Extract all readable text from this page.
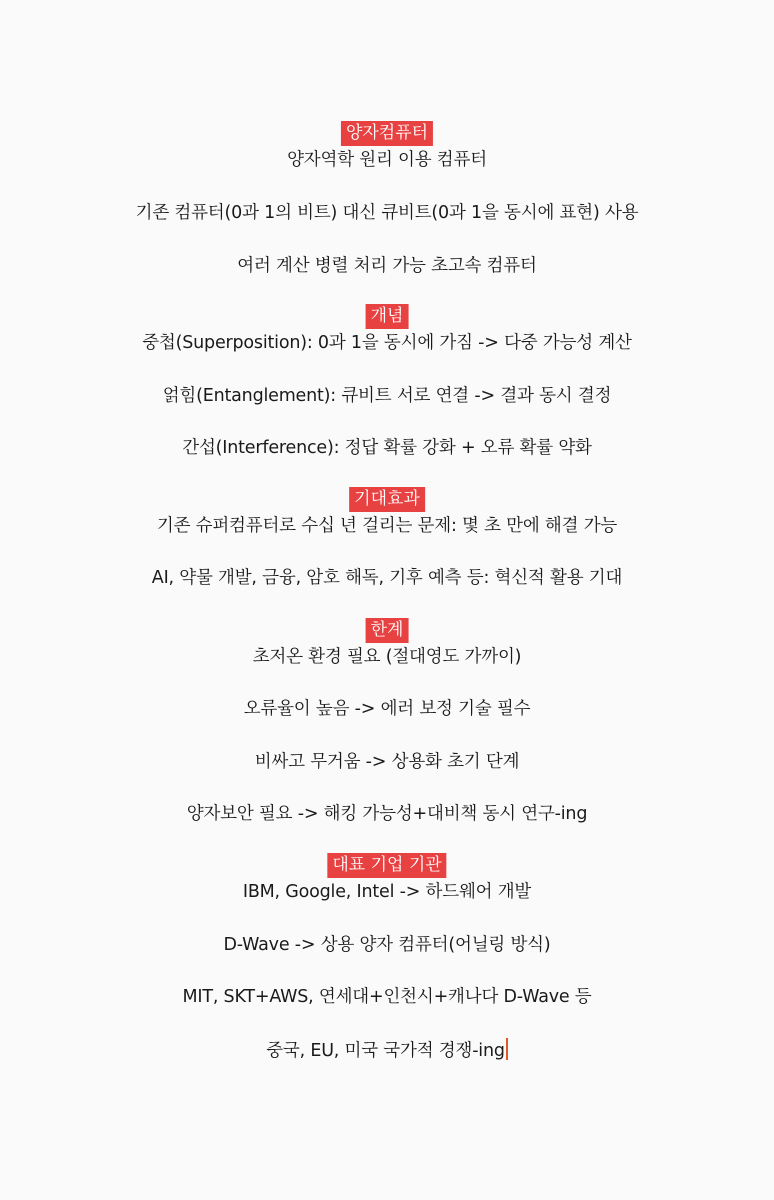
양자컴퓨터
양자역학 원리 이용 컴퓨터
기존 컴퓨터(0과 1의 비트) 대신 큐비트(0과 1을 동시에 표현) 사용
여러 계산 병렬 처리 가능 초고속 컴퓨터
개념
중첩(Superposition): 0과 1을 동시에 가짐 -> 다중 가능성 계산
얽힘(Entanglement): 큐비트 서로 연결 -> 결과 동시 결정
간섭(Interference): 정답 확률 강화 + 오류 확률 약화
기대효과
기존 슈퍼컴퓨터로 수십 년 걸리는 문제: 몇 초 만에 해결 가능
AI, 약물 개발, 금융, 암호 해독, 기후 예측 등: 혁신적 활용 기대
한계
초저온 환경 필요 (절대영도 가까이)
오류율이 높음 -> 에러 보정 기술 필수
비싸고 무거움 -> 상용화 초기 단계
양자보안 필요 -> 해킹 가능성+대비책 동시 연구-ing
대표 기업 기관
IBM, Google, Intel -> 하드웨어 개발
D-Wave -> 상용 양자 컴퓨터(어닐링 방식)
MIT, SKT+AWS, 연세대+인천시+캐나다 D-Wave 등
중국, EU, 미국 국가적 경쟁-ing
